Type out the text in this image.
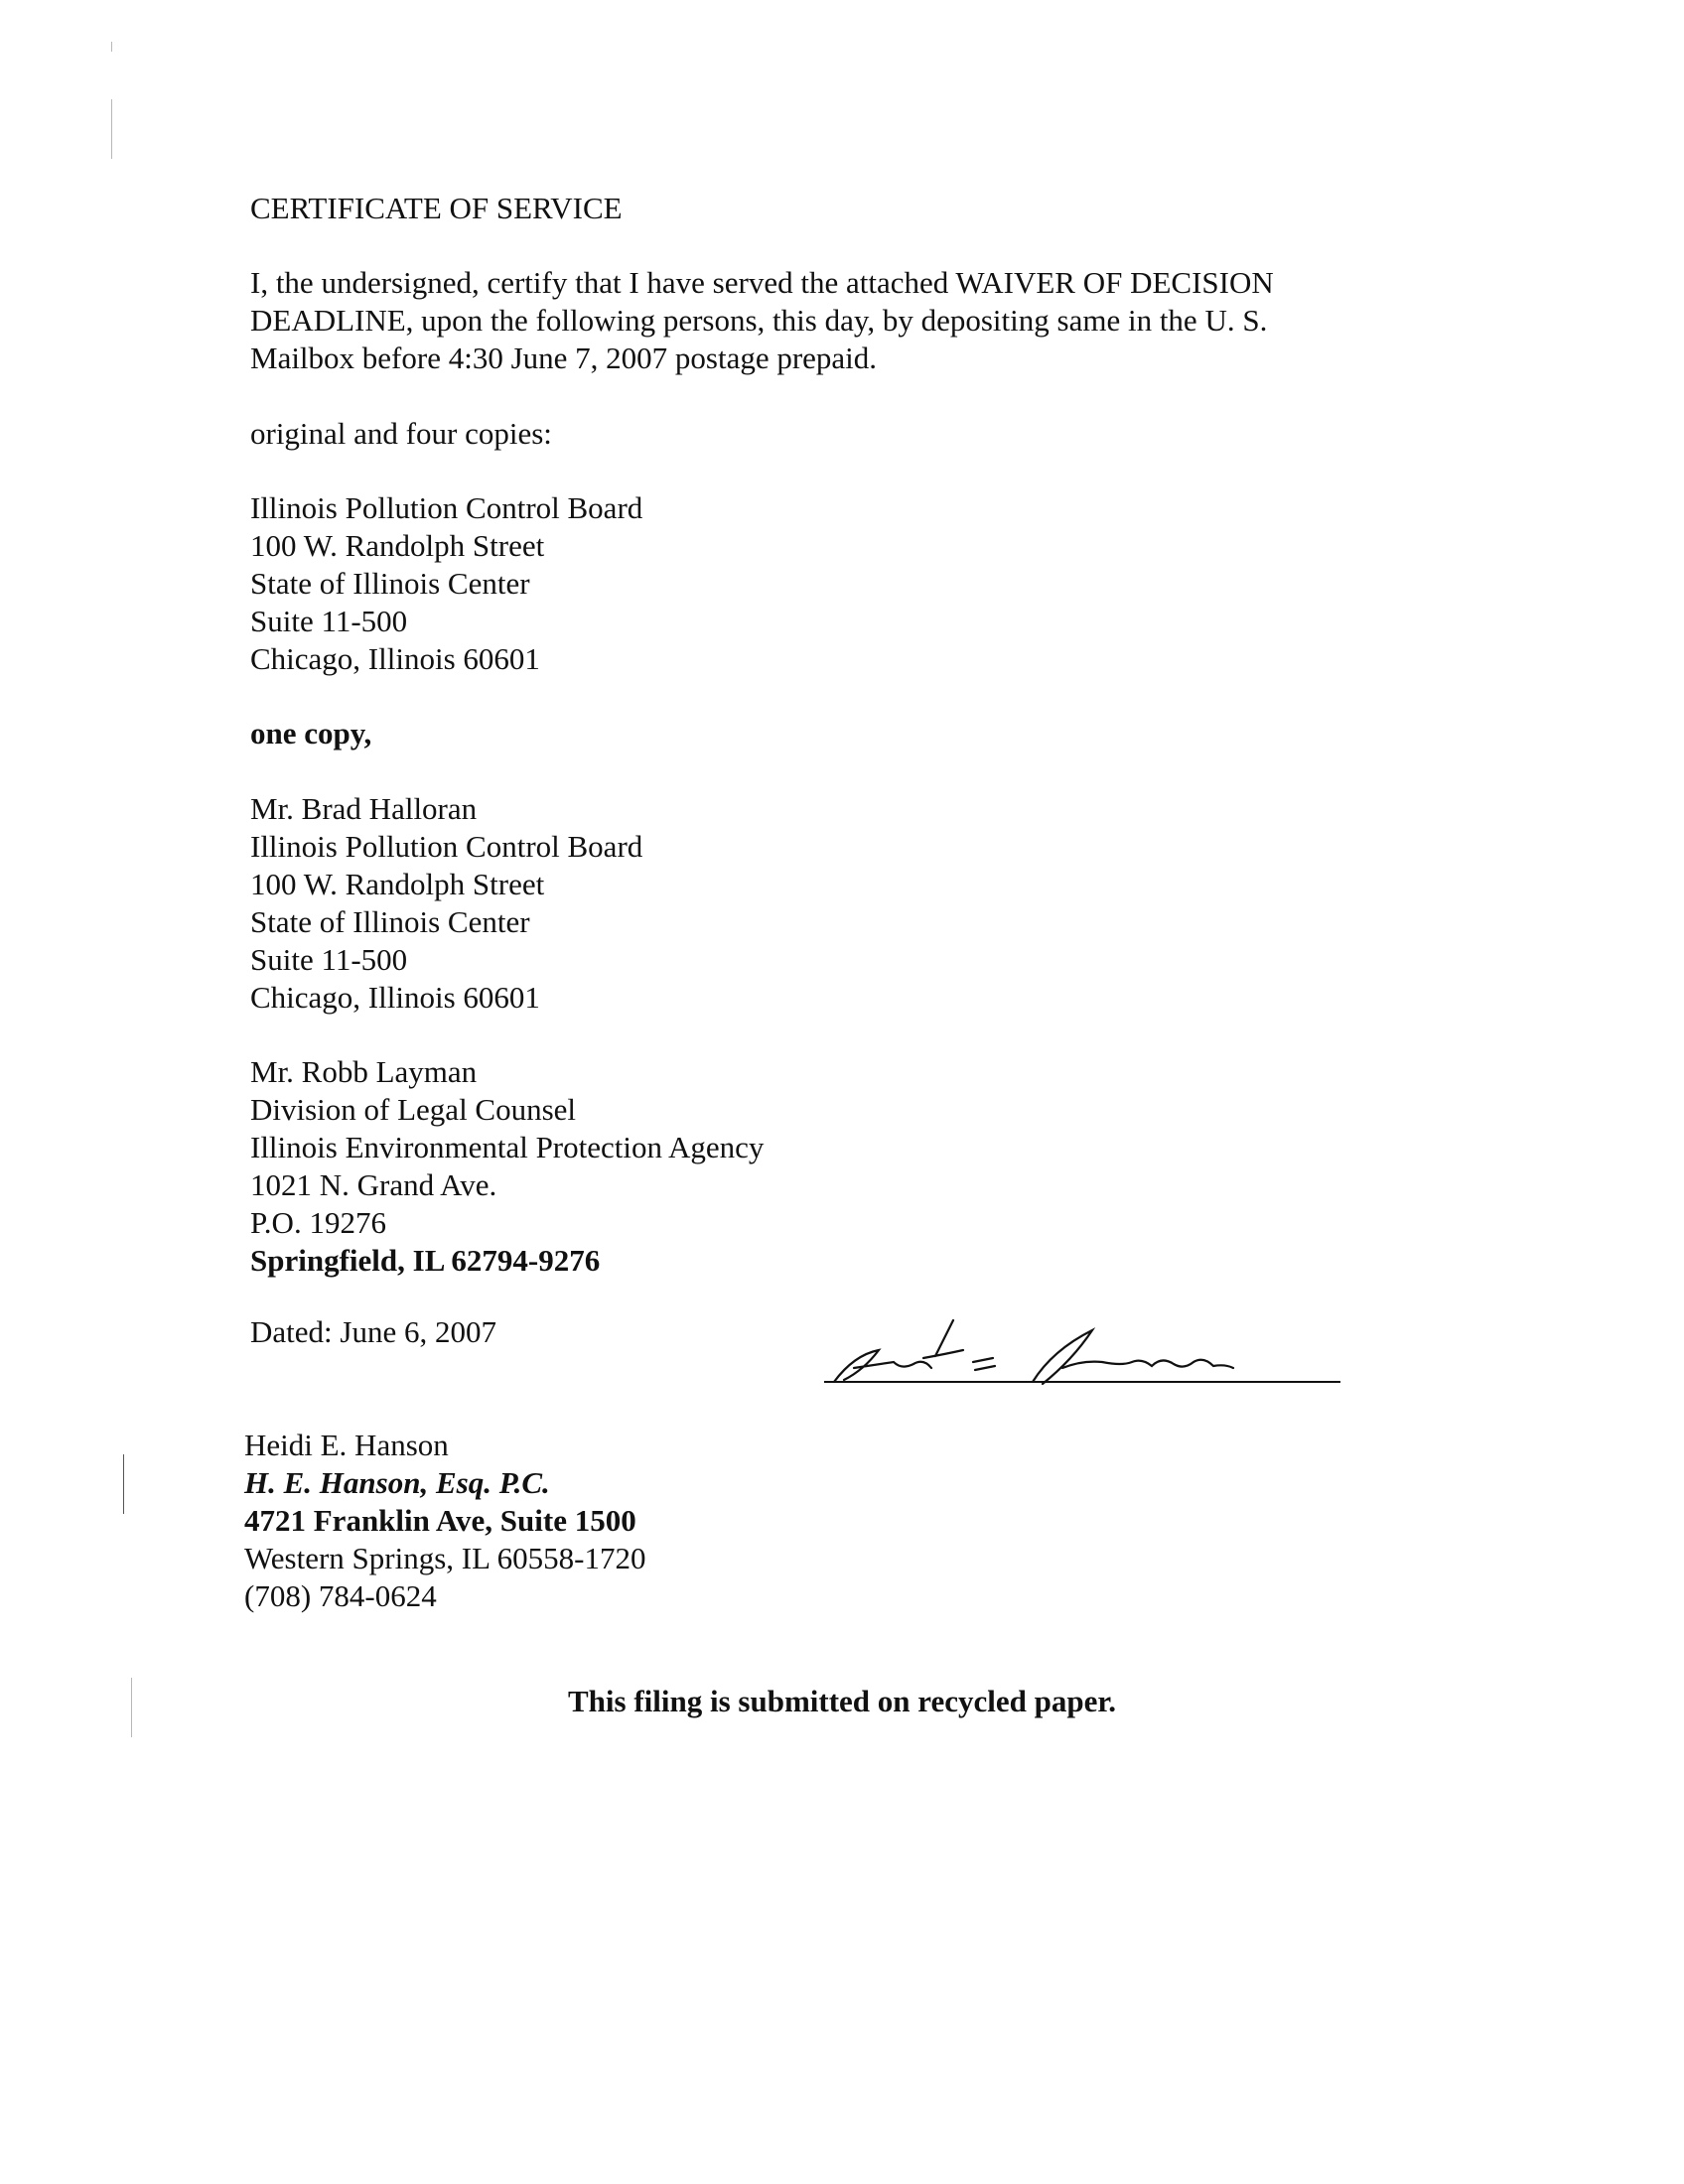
CERTIFICATE OF SERVICE
I, the undersigned, certify that I have served the attached WAIVER OF DECISION
DEADLINE, upon the following persons, this day, by depositing same in the U. S.
Mailbox before 4:30 June 7, 2007 postage prepaid.
original and four copies:
Illinois Pollution Control Board
100 W. Randolph Street
State of Illinois Center
Suite 11-500
Chicago, Illinois 60601
one copy,
Mr. Brad Halloran
Illinois Pollution Control Board
100 W. Randolph Street
State of Illinois Center
Suite 11-500
Chicago, Illinois 60601
Mr. Robb Layman
Division of Legal Counsel
Illinois Environmental Protection Agency
1021 N. Grand Ave.
P.O. 19276
Springfield, IL 62794-9276
Dated: June 6, 2007
Heidi E. Hanson
H. E. Hanson, Esq. P.C.
4721 Franklin Ave, Suite 1500
Western Springs, IL 60558-1720
(708) 784-0624
This filing is submitted on recycled paper.
